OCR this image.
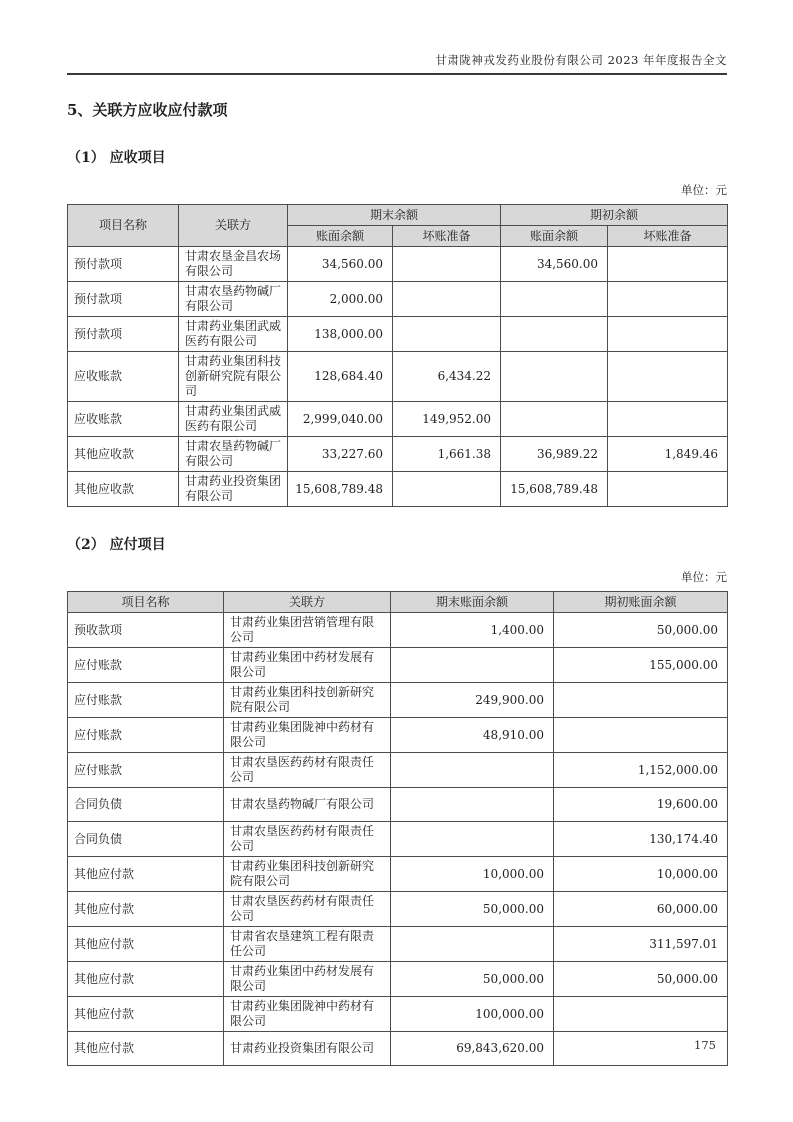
甘肃陇神戎发药业股份有限公司 2023 年年度报告全文
5、关联方应收应付款项
（1） 应收项目
单位：元
项目名称	关联方	期末余额		期初余额	
		账面余额	坏账准备	账面余额	坏账准备
预付款项	甘肃农垦金昌农场有限公司	34,560.00		34,560.00	
预付款项	甘肃农垦药物碱厂有限公司	2,000.00			
预付款项	甘肃药业集团武威医药有限公司	138,000.00			
应收账款	甘肃药业集团科技创新研究院有限公司	128,684.40	6,434.22		
应收账款	甘肃药业集团武威医药有限公司	2,999,040.00	149,952.00		
其他应收款	甘肃农垦药物碱厂有限公司	33,227.60	1,661.38	36,989.22	1,849.46
其他应收款	甘肃药业投资集团有限公司	15,608,789.48		15,608,789.48	
（2） 应付项目
单位：元
项目名称	关联方	期末账面余额	期初账面余额
预收款项	甘肃药业集团营销管理有限公司	1,400.00	50,000.00
应付账款	甘肃药业集团中药材发展有限公司		155,000.00
应付账款	甘肃药业集团科技创新研究院有限公司	249,900.00	
应付账款	甘肃药业集团陇神中药材有限公司	48,910.00	
应付账款	甘肃农垦医药药材有限责任公司		1,152,000.00
合同负债	甘肃农垦药物碱厂有限公司		19,600.00
合同负债	甘肃农垦医药药材有限责任公司		130,174.40
其他应付款	甘肃药业集团科技创新研究院有限公司	10,000.00	10,000.00
其他应付款	甘肃农垦医药药材有限责任公司	50,000.00	60,000.00
其他应付款	甘肃省农垦建筑工程有限责任公司		311,597.01
其他应付款	甘肃药业集团中药材发展有限公司	50,000.00	50,000.00
其他应付款	甘肃药业集团陇神中药材有限公司	100,000.00	
其他应付款	甘肃药业投资集团有限公司	69,843,620.00		175
